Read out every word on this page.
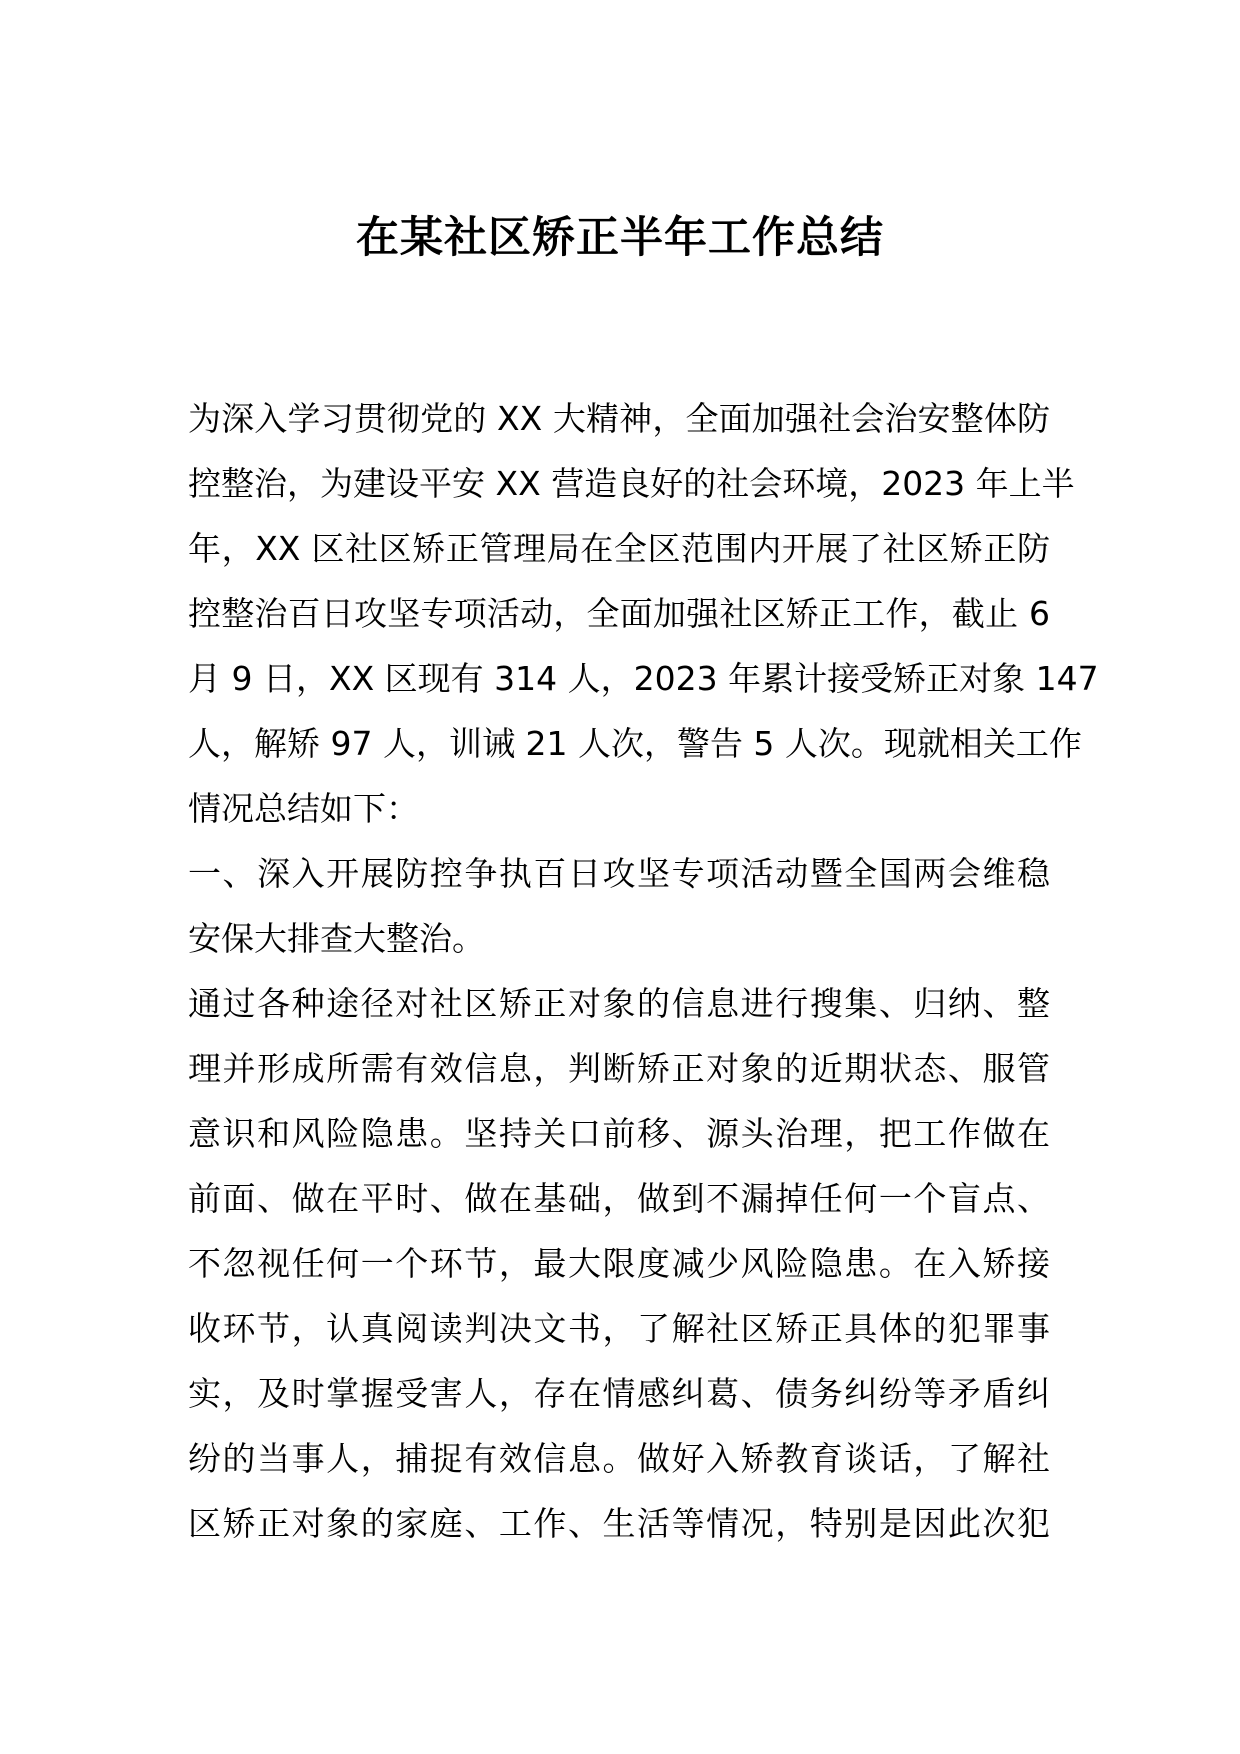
在某社区矫正半年工作总结
为深入学习贯彻党的 XX 大精神，全面加强社会治安整体防
控整治，为建设平安 XX 营造良好的社会环境，2023 年上半
年，XX 区社区矫正管理局在全区范围内开展了社区矫正防
控整治百日攻坚专项活动，全面加强社区矫正工作，截止 6
月 9 日，XX 区现有 314 人，2023 年累计接受矫正对象 147
人，解矫 97 人，训诫 21 人次，警告 5 人次。现就相关工作
情况总结如下：
一、深入开展防控争执百日攻坚专项活动暨全国两会维稳
安保大排查大整治。
通过各种途径对社区矫正对象的信息进行搜集、归纳、整
理并形成所需有效信息，判断矫正对象的近期状态、服管
意识和风险隐患。坚持关口前移、源头治理，把工作做在
前面、做在平时、做在基础，做到不漏掉任何一个盲点、
不忽视任何一个环节，最大限度减少风险隐患。在入矫接
收环节，认真阅读判决文书，了解社区矫正具体的犯罪事
实，及时掌握受害人，存在情感纠葛、债务纠纷等矛盾纠
纷的当事人，捕捉有效信息。做好入矫教育谈话，了解社
区矫正对象的家庭、工作、生活等情况，特别是因此次犯
